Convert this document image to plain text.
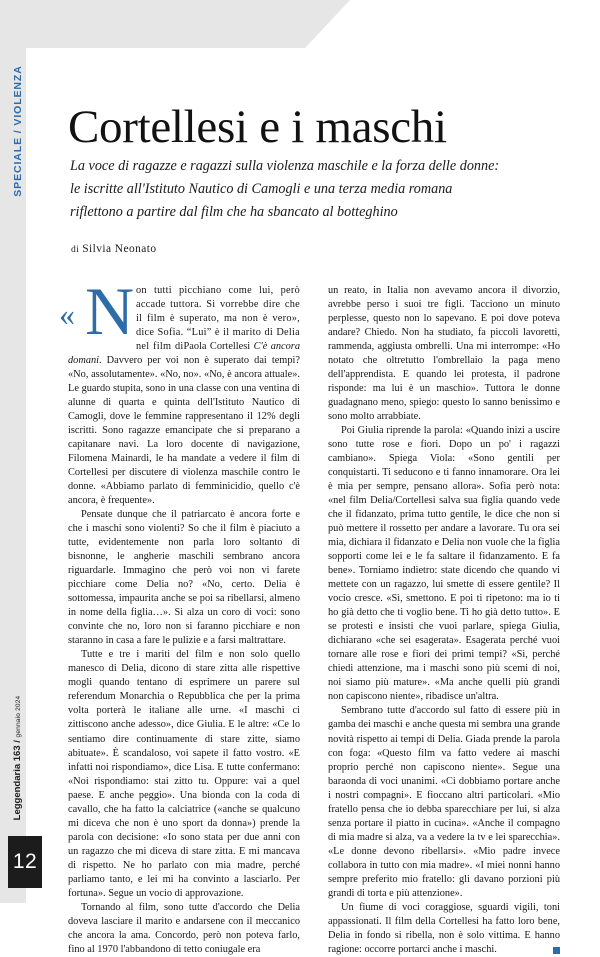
SPECIALE / VIOLENZA
Leggendaria 163 / gennaio 2024
12
Cortellesi e i maschi
La voce di ragazze e ragazzi sulla violenza maschile e la forza delle donne:
le iscritte all'Istituto Nautico di Camogli e una terza media romana
riflettono a partire dal film che ha sbancato al botteghino
di Silvia Neonato

« N on tutti picchiano come lui, però accade tuttora. Si vorrebbe dire che il film è superato, ma non è vero», dice Sofia. “Lui” è il marito di Delia nel film diPaola Cortellesi C'è ancora domani. Davvero per voi non è superato dai tempi? «No, assolutamente». «No, no». «No, è ancora attuale». Le guardo stupita, sono in una classe con una ventina di alunne di quarta e quinta dell'Istituto Nautico di Camogli, dove le femmine rappresentano il 12% degli iscritti. Sono ragazze emancipate che si preparano a capitanare navi. La loro docente di navigazione, Filomena Mainardi, le ha mandate a vedere il film di Cortellesi per discutere di violenza maschile contro le donne. «Abbiamo parlato di femminicidio, quello c'è ancora, è frequente».

Pensate dunque che il patriarcato è ancora forte e che i maschi sono violenti? So che il film è piaciuto a tutte, evidentemente non parla loro soltanto di bisnonne, le angherie maschili sembrano ancora riguardarle. Immagino che però voi non vi farete picchiare come Delia no? «No, certo. Delia è sottomessa, impaurita anche se poi sa ribellarsi, almeno in nome della figlia…». Si alza un coro di voci: sono convinte che no, loro non si faranno picchiare e non staranno in casa a fare le pulizie e a farsi maltrattare.

Tutte e tre i mariti del film e non solo quello manesco di Delia, dicono di stare zitta alle rispettive mogli quando tentano di esprimere un parere sul referendum Monarchia o Repubblica che per la prima volta porterà le italiane alle urne. «I maschi ci zittiscono anche adesso», dice Giulia. E le altre: «Ce lo sentiamo dire continuamente di stare zitte, siamo abituate». È scandaloso, voi sapete il fatto vostro. «E infatti noi rispondiamo», dice Lisa. E tutte confermano: «Noi rispondiamo: stai zitto tu. Oppure: vai a quel paese. E anche peggio». Una bionda con la coda di cavallo, che ha fatto la calciatrice («anche se qualcuno mi diceva che non è uno sport da donna») prende la parola con decisione: «Io sono stata per due anni con un ragazzo che mi diceva di stare zitta. E mi mancava di rispetto. Ne ho parlato con mia madre, perché parliamo tanto, e lei mi ha convinto a lasciarlo. Per fortuna». Segue un vocio di approvazione.

Tornando al film, sono tutte d'accordo che Delia doveva lasciare il marito e andarsene con il meccanico che ancora la ama. Concordo, però non poteva farlo, fino al 1970 l'abbandono di tetto coniugale era

un reato, in Italia non avevamo ancora il divorzio, avrebbe perso i suoi tre figli. Tacciono un minuto perplesse, questo non lo sapevano. E poi dove poteva andare? Chiedo. Non ha studiato, fa piccoli lavoretti, rammenda, aggiusta ombrelli. Una mi interrompe: «Ho notato che oltretutto l'ombrellaio la paga meno dell'apprendista. E quando lei protesta, il padrone risponde: ma lui è un maschio». Tuttora le donne guadagnano meno, spiego: questo lo sanno benissimo e sono molto arrabbiate.

Poi Giulia riprende la parola: «Quando inizi a uscire sono tutte rose e fiori. Dopo un po' i ragazzi cambiano». Spiega Viola: «Sono gentili per conquistarti. Ti seducono e ti fanno innamorare. Ora lei è mia per sempre, pensano allora». Sofia però nota: «nel film Delia/Cortellesi salva sua figlia quando vede che il fidanzato, prima tutto gentile, le dice che non si può mettere il rossetto per andare a lavorare. Tu ora sei mia, dichiara il fidanzato e Delia non vuole che la figlia sopporti come lei e le fa saltare il fidanzamento. E fa bene». Torniamo indietro: state dicendo che quando vi mettete con un ragazzo, lui smette di essere gentile? Il vocio cresce. «Sì, smettono. E poi ti ripetono: ma io ti ho già detto che ti voglio bene. Ti ho già detto tutto». E se protesti e insisti che vuoi parlare, spiega Giulia, dichiarano «che sei esagerata». Esagerata perché vuoi tornare alle rose e fiori dei primi tempi? «Sì, perché chiedi attenzione, ma i maschi sono più scemi di noi, noi siamo più mature». «Ma anche quelli più grandi non capiscono niente», ribadisce un'altra.

Sembrano tutte d'accordo sul fatto di essere più in gamba dei maschi e anche questa mi sembra una grande novità rispetto ai tempi di Delia. Giada prende la parola con foga: «Questo film va fatto vedere ai maschi proprio perché non capiscono niente». Segue una baraonda di voci unanimi. «Ci dobbiamo portare anche i nostri compagni». E fioccano altri particolari. «Mio fratello pensa che io debba sparecchiare per lui, si alza senza portare il piatto in cucina». «Anche il compagno di mia madre si alza, va a vedere la tv e lei sparecchia». «Le donne devono ribellarsi». «Mio padre invece collabora in tutto con mia madre». «I miei nonni hanno sempre preferito mio fratello: gli davano porzioni più grandi di torta e più attenzione».

Un fiume di voci coraggiose, sguardi vigili, toni appassionati. Il film della Cortellesi ha fatto loro bene, Delia in fondo si ribella, non è solo vittima. E hanno ragione: occorre portarci anche i maschi.
